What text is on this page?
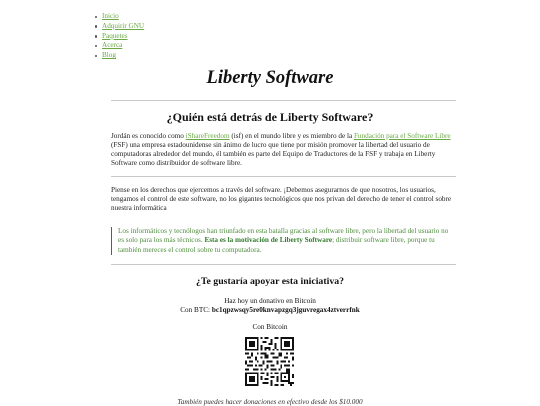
Inicio
Adquirir GNU
Paquetes
Acerca
Blog
Liberty Software
¿Quién está detrás de Liberty Software?

Jordán es conocido como iShareFreedom (isf) en el mundo libre y es miembro de la Fundación para el Software Libre (FSF) una empresa estadounidense sin ánimo de lucro que tiene por misión promover la libertad del usuario de computadoras alrededor del mundo, él también es parte del Equipo de Traductores de la FSF y trabaja en Liberty Software como distribuidor de software libre.

Piense en los derechos que ejercemos a través del software. ¡Debemos asegurarnos de que nosotros, los usuarios, tengamos el control de este software, no los gigantes tecnológicos que nos privan del derecho de tener el control sobre nuestra informática

Los informáticos y tecnólogos han triunfado en esta batalla gracias al software libre, pero la libertad del usuario no es solo para los más técnicos. Esta es la motivación de Liberty Software; distribuir software libre, porque tu también mereces el control sobre tu computadora.
¿Te gustaría apoyar esta iniciativa?

Haz hoy un donativo en Bitcoin

Con BTC: bc1qpzwsqy5re0knvapzgq3jguvregax4ztverrfnk

Con Bitcoin

También puedes hacer donaciones en efectivo desde los $10.000
